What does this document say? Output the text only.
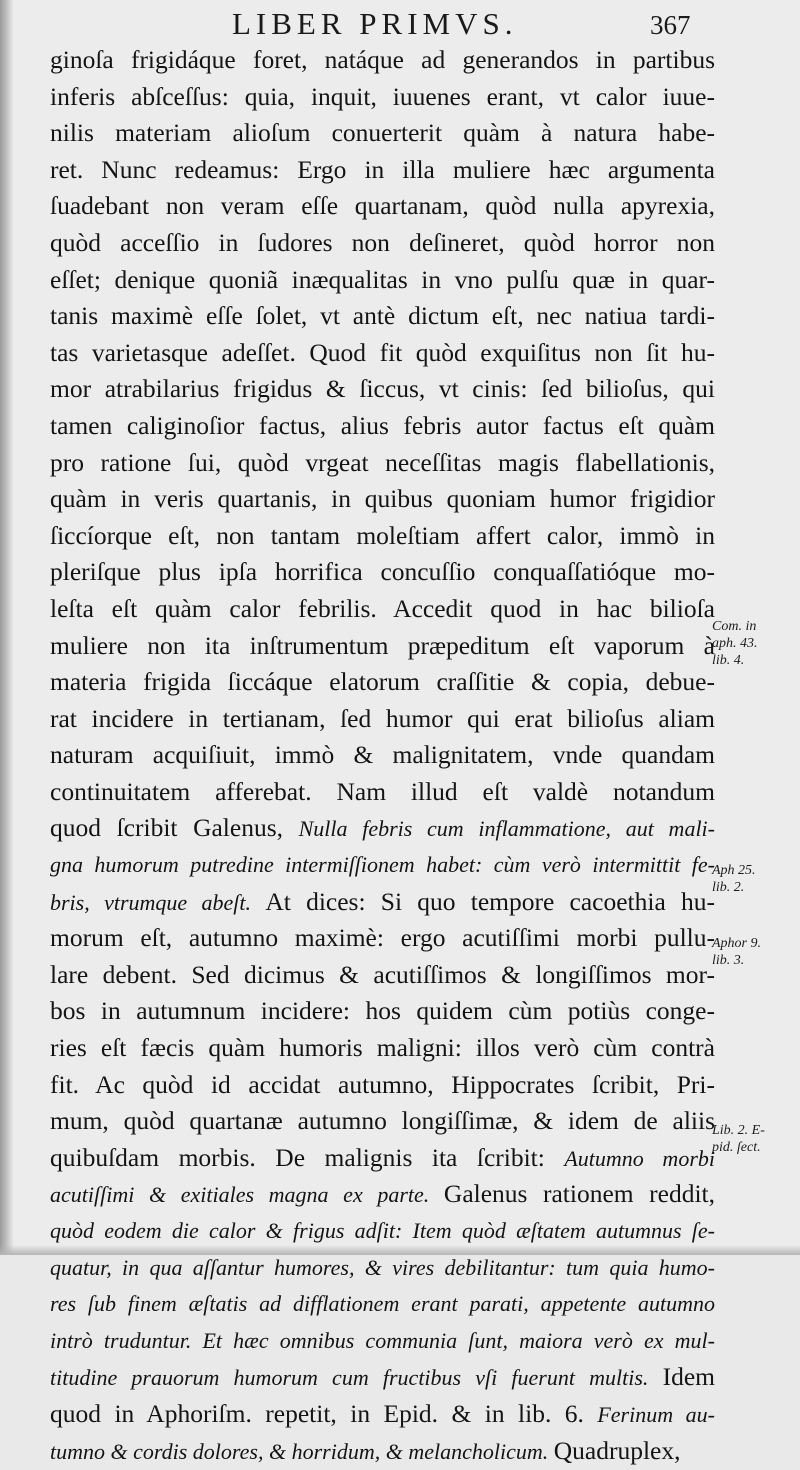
LIBER PRIMVS.	367
ginoſa frigidáque foret, natáque ad generandos in partibus
inferis abſceſſus: quia, inquit, iuuenes erant, vt calor iuue-
nilis materiam alioſum conuerterit quàm à natura habe-
ret. Nunc redeamus: Ergo in illa muliere hæc argumenta
ſuadebant non veram eſſe quartanam, quòd nulla apyrexia,
quòd acceſſio in ſudores non deſineret, quòd horror non
eſſet; denique quoniã inæqualitas in vno pulſu quæ in quar-
tanis maximè eſſe ſolet, vt antè dictum eſt, nec natiua tardi-
tas varietasque adeſſet. Quod fit quòd exquiſitus non ſit hu-
mor atrabilarius frigidus & ſiccus, vt cinis: ſed bilioſus, qui
tamen caliginoſior factus, alius febris autor factus eſt quàm
pro ratione ſui, quòd vrgeat neceſſitas magis flabellationis,
quàm in veris quartanis, in quibus quoniam humor frigidior
ſiccíorque eſt, non tantam moleſtiam affert calor, immò in
pleriſque plus ipſa horrifica concuſſio conquaſſatióque mo-
leſta eſt quàm calor febrilis. Accedit quod in hac bilioſa
muliere non ita inſtrumentum præpeditum eſt vaporum à
materia frigida ſiccáque elatorum craſſitie & copia, debue-
rat incidere in tertianam, ſed humor qui erat bilioſus aliam
naturam acquiſiuit, immò & malignitatem, vnde quandam
continuitatem afferebat. Nam illud eſt valdè notandum
quod ſcribit Galenus, Nulla febris cum inflammatione, aut mali-
gna humorum putredine intermiſſionem habet: cùm verò intermittit fe-
bris, vtrumque abeſt. At dices: Si quo tempore cacoethia hu-
morum eſt, autumno maximè: ergo acutiſſimi morbi pullu-
lare debent. Sed dicimus & acutiſſimos & longiſſimos mor-
bos in autumnum incidere: hos quidem cùm potiùs conge-
ries eſt fæcis quàm humoris maligni: illos verò cùm contrà
fit. Ac quòd id accidat autumno, Hippocrates ſcribit, Pri-
mum, quòd quartanæ autumno longiſſimæ, & idem de aliis
quibuſdam morbis. De malignis ita ſcribit: Autumno morbi
acutiſſimi & exitiales magna ex parte. Galenus rationem reddit,
quòd eodem die calor & frigus adſit: Item quòd æſtatem autumnus ſe-
quatur, in qua aſſantur humores, & vires debilitantur: tum quia humo-
res ſub finem æſtatis ad difflationem erant parati, appetente autumno
intrò truduntur. Et hæc omnibus communia ſunt, maiora verò ex mul-
titudine prauorum humorum cum fructibus vſi fuerunt multis. Idem
quod in Aphoriſm. repetit, in Epid. & in lib. 6. Ferinum au-
tumno & cordis dolores, & horridum, & melancholicum. Quadruplex,
Com. in
aph. 43.
lib. 4.
Aph 25.
lib. 2.
Aphor 9.
lib. 3.
Lib. 2. E-
pid. ſect.
